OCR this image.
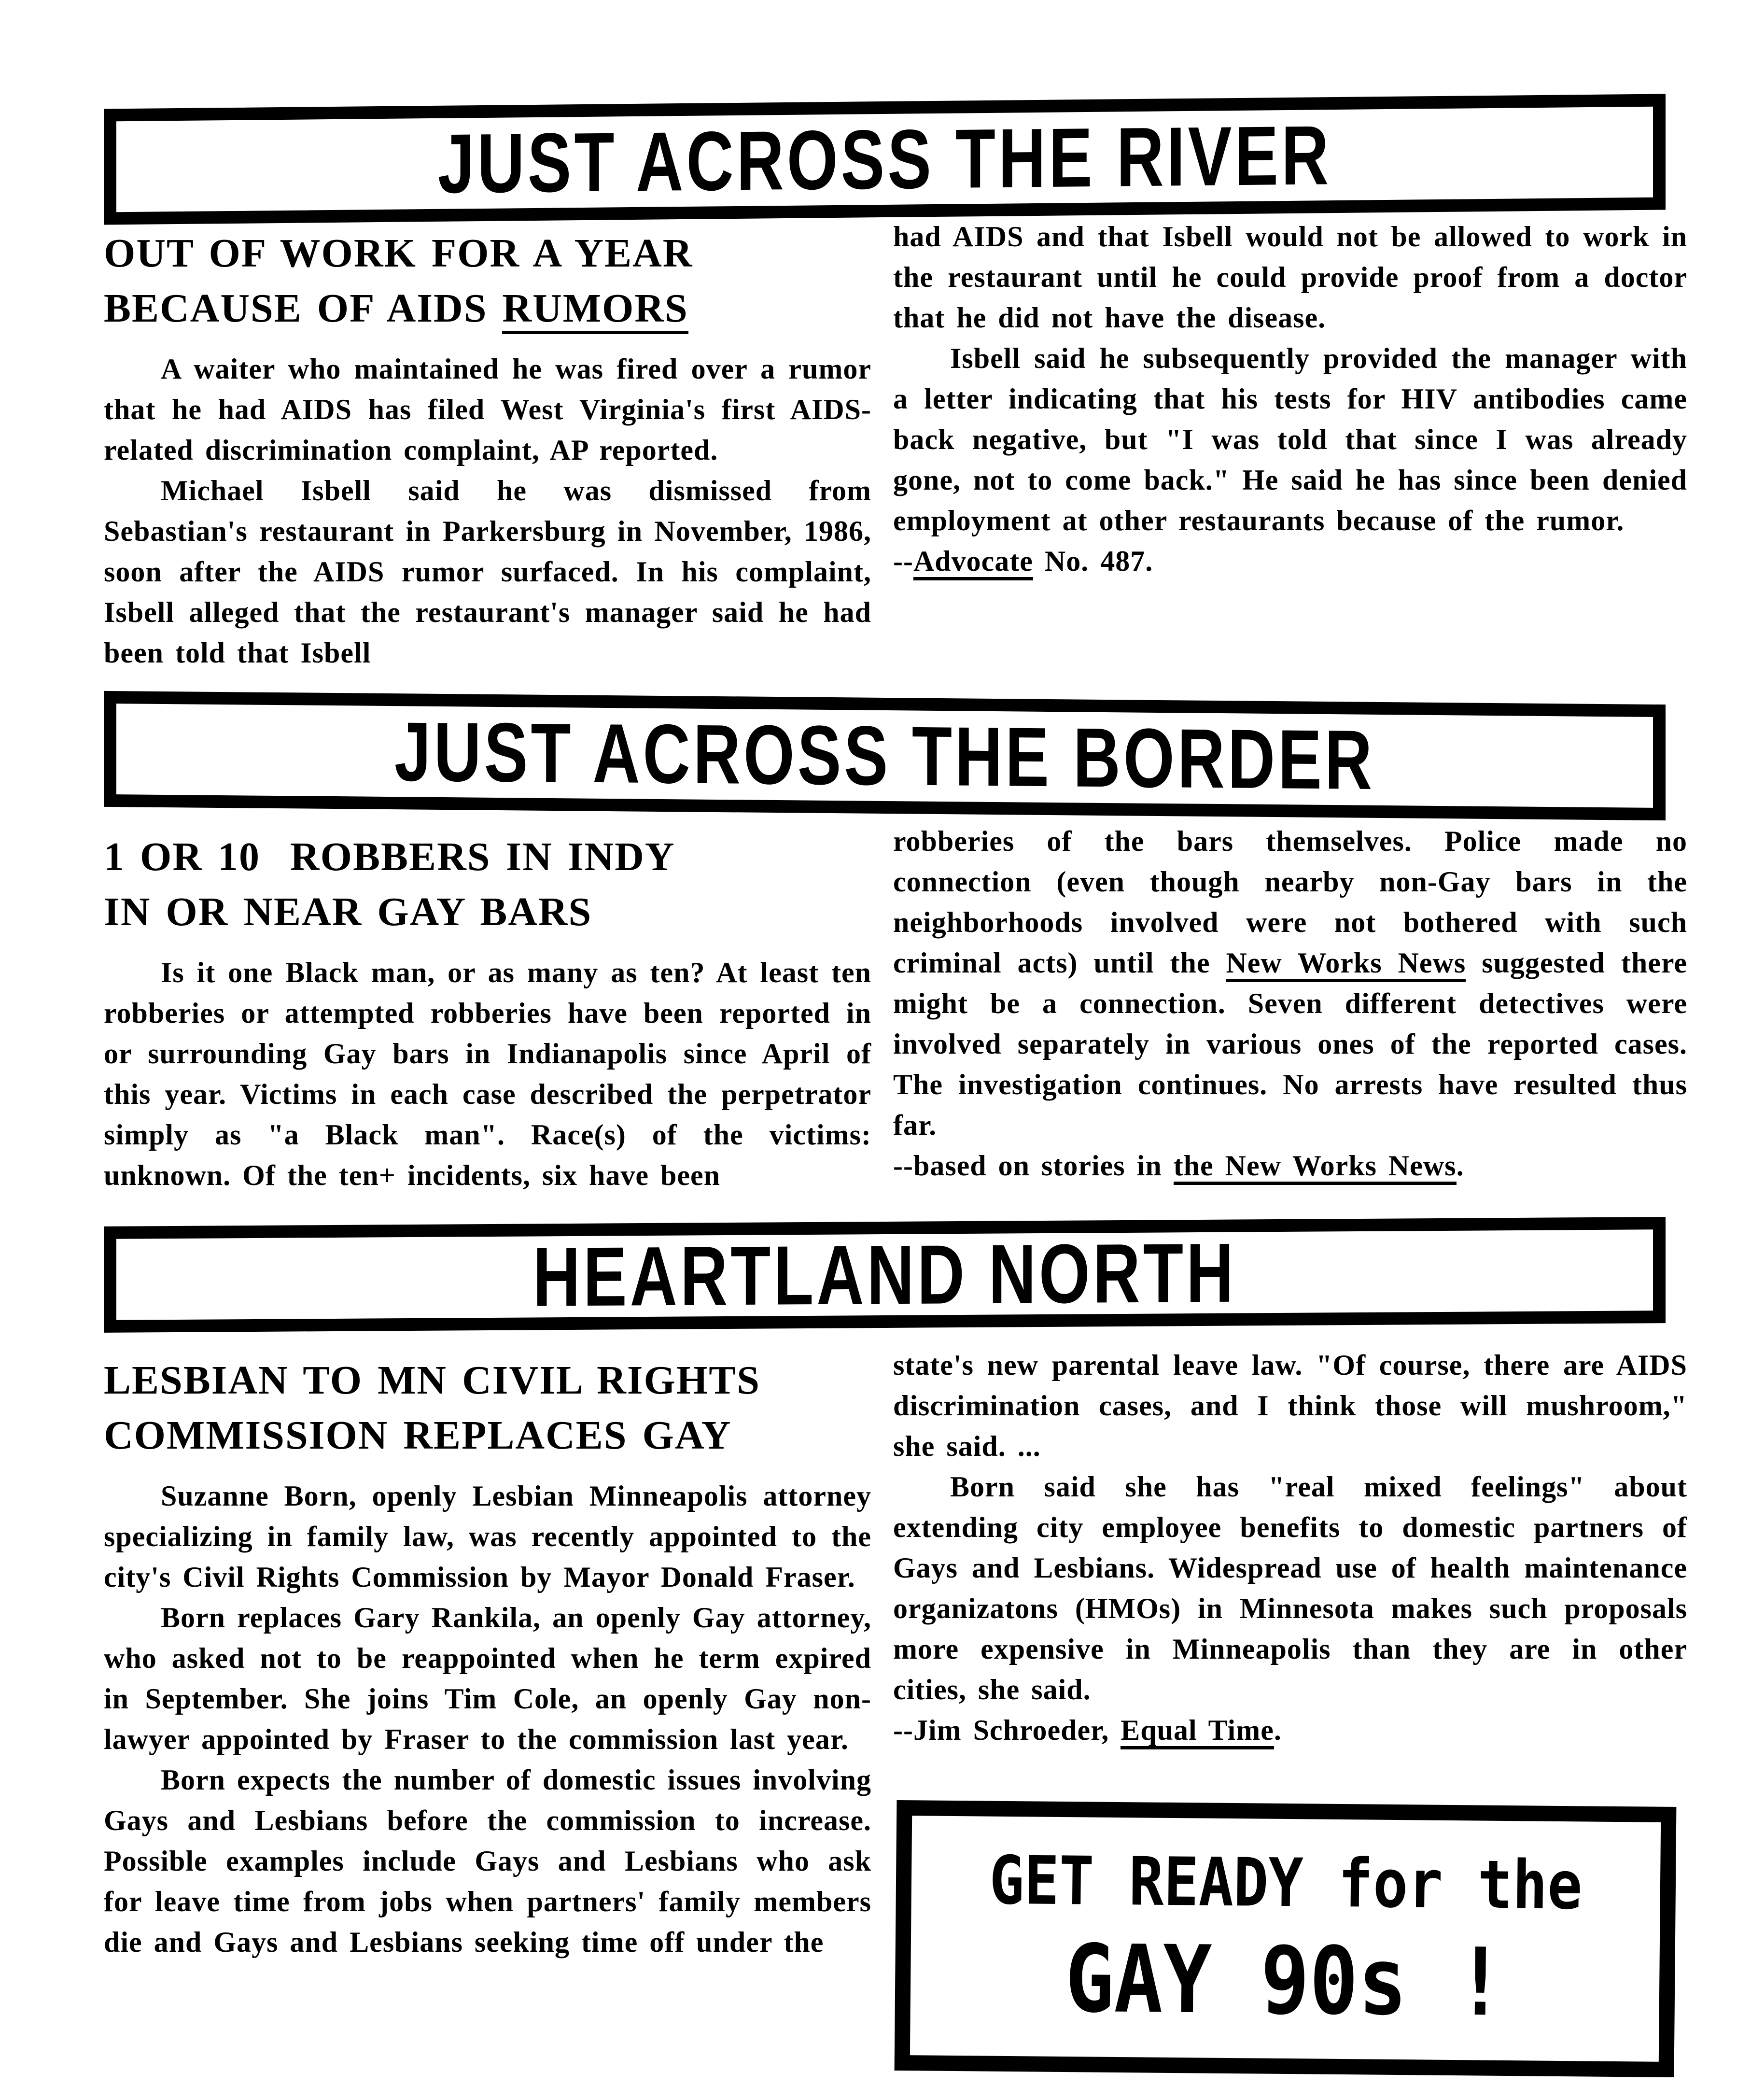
OUT OF WORK FOR A YEAR
BECAUSE OF AIDS RUMORS

A waiter who maintained he was fired over a rumor that he had AIDS has filed West Virginia's first AIDS-related discrimination complaint, AP reported.

Michael Isbell said he was dismissed from Sebastian's restaurant in Parkersburg in November, 1986, soon after the AIDS rumor surfaced. In his complaint, Isbell alleged that the restaurant's manager said he had been told that Isbell

had AIDS and that Isbell would not be allowed to work in the restaurant until he could provide proof from a doctor that he did not have the disease.

Isbell said he subsequently provided the manager with a letter indicating that his tests for HIV antibodies came back negative, but "I was told that since I was already gone, not to come back." He said he has since been denied employment at other restaurants because of the rumor.

--Advocate No. 487.

1 OR 10  ROBBERS IN INDY
IN OR NEAR GAY BARS

Is it one Black man, or as many as ten? At least ten robberies or attempted robberies have been reported in or surrounding Gay bars in Indianapolis since April of this year. Victims in each case described the perpetrator simply as "a Black man". Race(s) of the victims: unknown. Of the ten+ incidents, six have been

robberies of the bars themselves. Police made no connection (even though nearby non-Gay bars in the neighborhoods involved were not bothered with such criminal acts) until the New Works News suggested there might be a connection. Seven different detectives were involved separately in various ones of the reported cases. The investigation continues. No arrests have resulted thus far.

--based on stories in the New Works News.

LESBIAN TO MN CIVIL RIGHTS
COMMISSION REPLACES GAY

Suzanne Born, openly Lesbian Minneapolis attorney specializing in family law, was recently appointed to the city's Civil Rights Commission by Mayor Donald Fraser.

Born replaces Gary Rankila, an openly Gay attorney, who asked not to be reappointed when he term expired in September. She joins Tim Cole, an openly Gay non-lawyer appointed by Fraser to the commission last year.

Born expects the number of domestic issues involving Gays and Lesbians before the commission to increase. Possible examples include Gays and Lesbians who ask for leave time from jobs when partners' family members die and Gays and Lesbians seeking time off under the

state's new parental leave law. "Of course, there are AIDS discrimination cases, and I think those will mushroom," she said. ...

Born said she has "real mixed feelings" about extending city employee benefits to domestic partners of Gays and Lesbians. Widespread use of health maintenance organizatons (HMOs) in Minnesota makes such proposals more expensive in Minneapolis than they are in other cities, she said.

--Jim Schroeder, Equal Time.

JUST ACROSS THE RIVER
JUST ACROSS THE BORDER
HEARTLAND NORTH
GET READY for the
GAY 90s !
